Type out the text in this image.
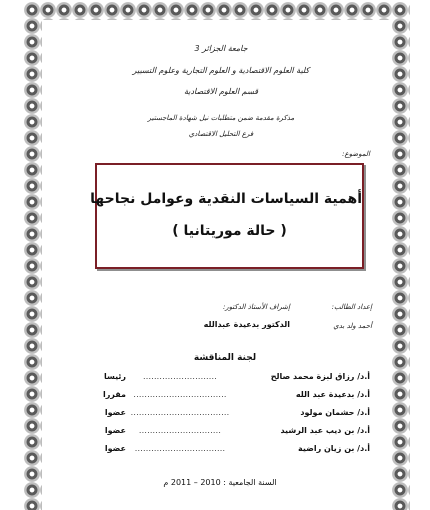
جامعة الجزائر 3
كلية العلوم الاقتصادية و العلوم التجارية وعلوم التسيير
قسم العلوم الاقتصادية
مذكرة مقدمة ضمن متطلبات نيل شهادة الماجستير
فرع التحليل الاقتصادي
الموضوع:
أهمية السياسات النقدية وعوامل نجاحها
( حالة موريتانيا )
إعداد الطالب:
أحمد ولد بدي
إشراف الأستاذ الدكتور:
الدكتور بدعيدة عبدالله
لجنة المناقشة
أ.د/ رزاق لبزة محمد صالح
...........................
رئيسا
أ.د/ بدعيدة عبد الله
..................................
مقررا
أ.د/ حشمان مولود
....................................
عضوا
أ.د/ بن ديب عبد الرشيد
..............................
عضوا
أ.د/ بن زيان راضية
.................................
عضوا
السنة الجامعية : 2010 – 2011 م
